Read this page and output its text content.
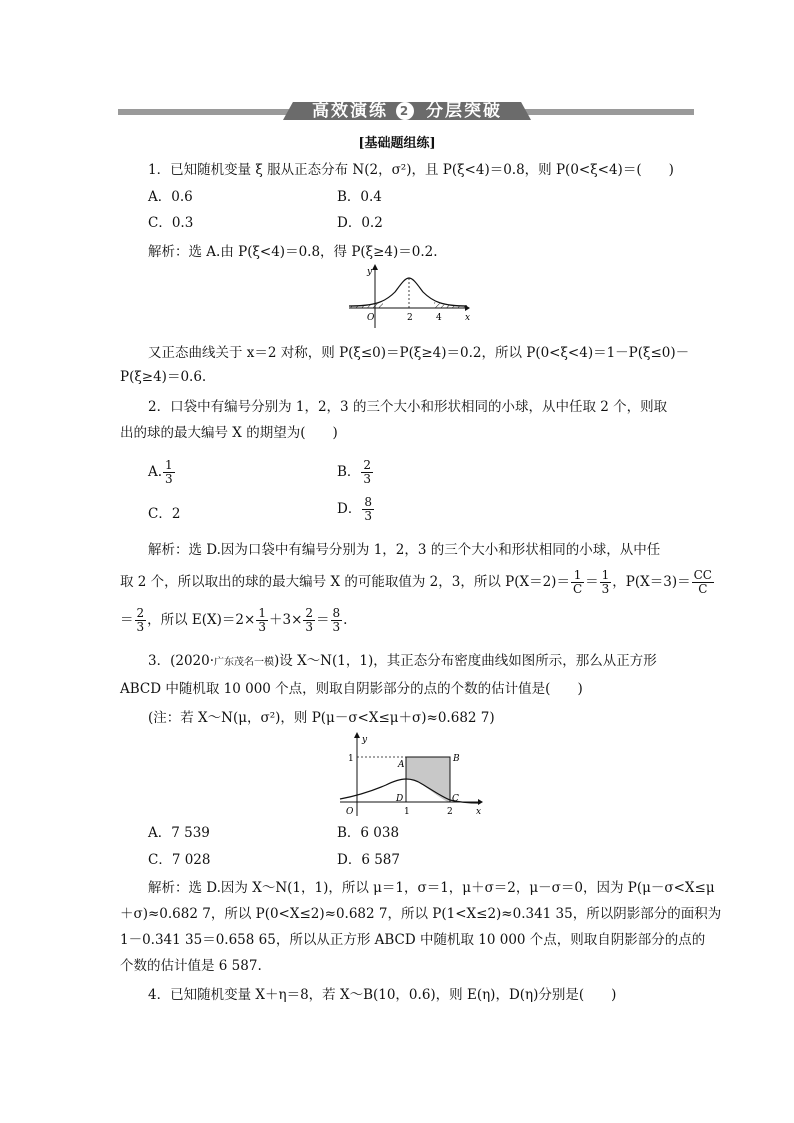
高效演练 2 分层突破
[基础题组练]
1．已知随机变量 ξ 服从正态分布 N(2，σ²)，且 P(ξ<4)＝0.8，则 P(0<ξ<4)＝(　　)
A．0.6	B．0.4
C．0.3	D．0.2
解析：选 A.由 P(ξ<4)＝0.8，得 P(ξ≥4)＝0.2.
y
x
O	2	4
又正态曲线关于 x＝2 对称，则 P(ξ≤0)＝P(ξ≥4)＝0.2，所以 P(0<ξ<4)＝1－P(ξ≤0)－
P(ξ≥4)＝0.6.
2．口袋中有编号分别为 1，2，3 的三个大小和形状相同的小球，从中任取 2 个，则取
出的球的最大编号 X 的期望为(　　)
A. $\frac{1}{3}$	B． $\frac{2}{3}$
C．2	D． $\frac{8}{3}$
解析：选 D.因为口袋中有编号分别为 1，2，3 的三个大小和形状相同的小球，从中任
取 2 个，所以取出的球的最大编号 X 的可能取值为 2，3，所以 $P(X=2)= \frac{1}{C} = \frac{1}{3}$ ，$P(X=3)= \frac{CC}{C}$
＝ $\frac{2}{3}$ ，所以 $E(X)=2\times \frac{1}{3} +3\times \frac{2}{3} = \frac{8}{3}$ .
3．(2020·广东茂名一模)设 X～N(1，1)，其正态分布密度曲线如图所示，那么从正方形
ABCD 中随机取 10 000 个点，则取自阴影部分的点的个数的估计值是(　　)
(注：若 X～N(μ，σ²)，则 P(μ－σ<X≤μ＋σ)≈0.682 7)
y
x
O
1
1	2
A
B
C
D
A．7 539	B．6 038
C．7 028	D．6 587
解析：选 D.因为 X～N(1，1)，所以 μ＝1，σ＝1，μ＋σ＝2，μ－σ＝0，因为 P(μ－σ<X≤μ
＋σ)≈0.682 7，所以 P(0<X≤2)≈0.682 7，所以 P(1<X≤2)≈0.341 35，所以阴影部分的面积为
1－0.341 35＝0.658 65，所以从正方形 ABCD 中随机取 10 000 个点，则取自阴影部分的点的
个数的估计值是 6 587.
4．已知随机变量 X＋η＝8，若 X～B(10，0.6)，则 E(η)，D(η)分别是(　　)
